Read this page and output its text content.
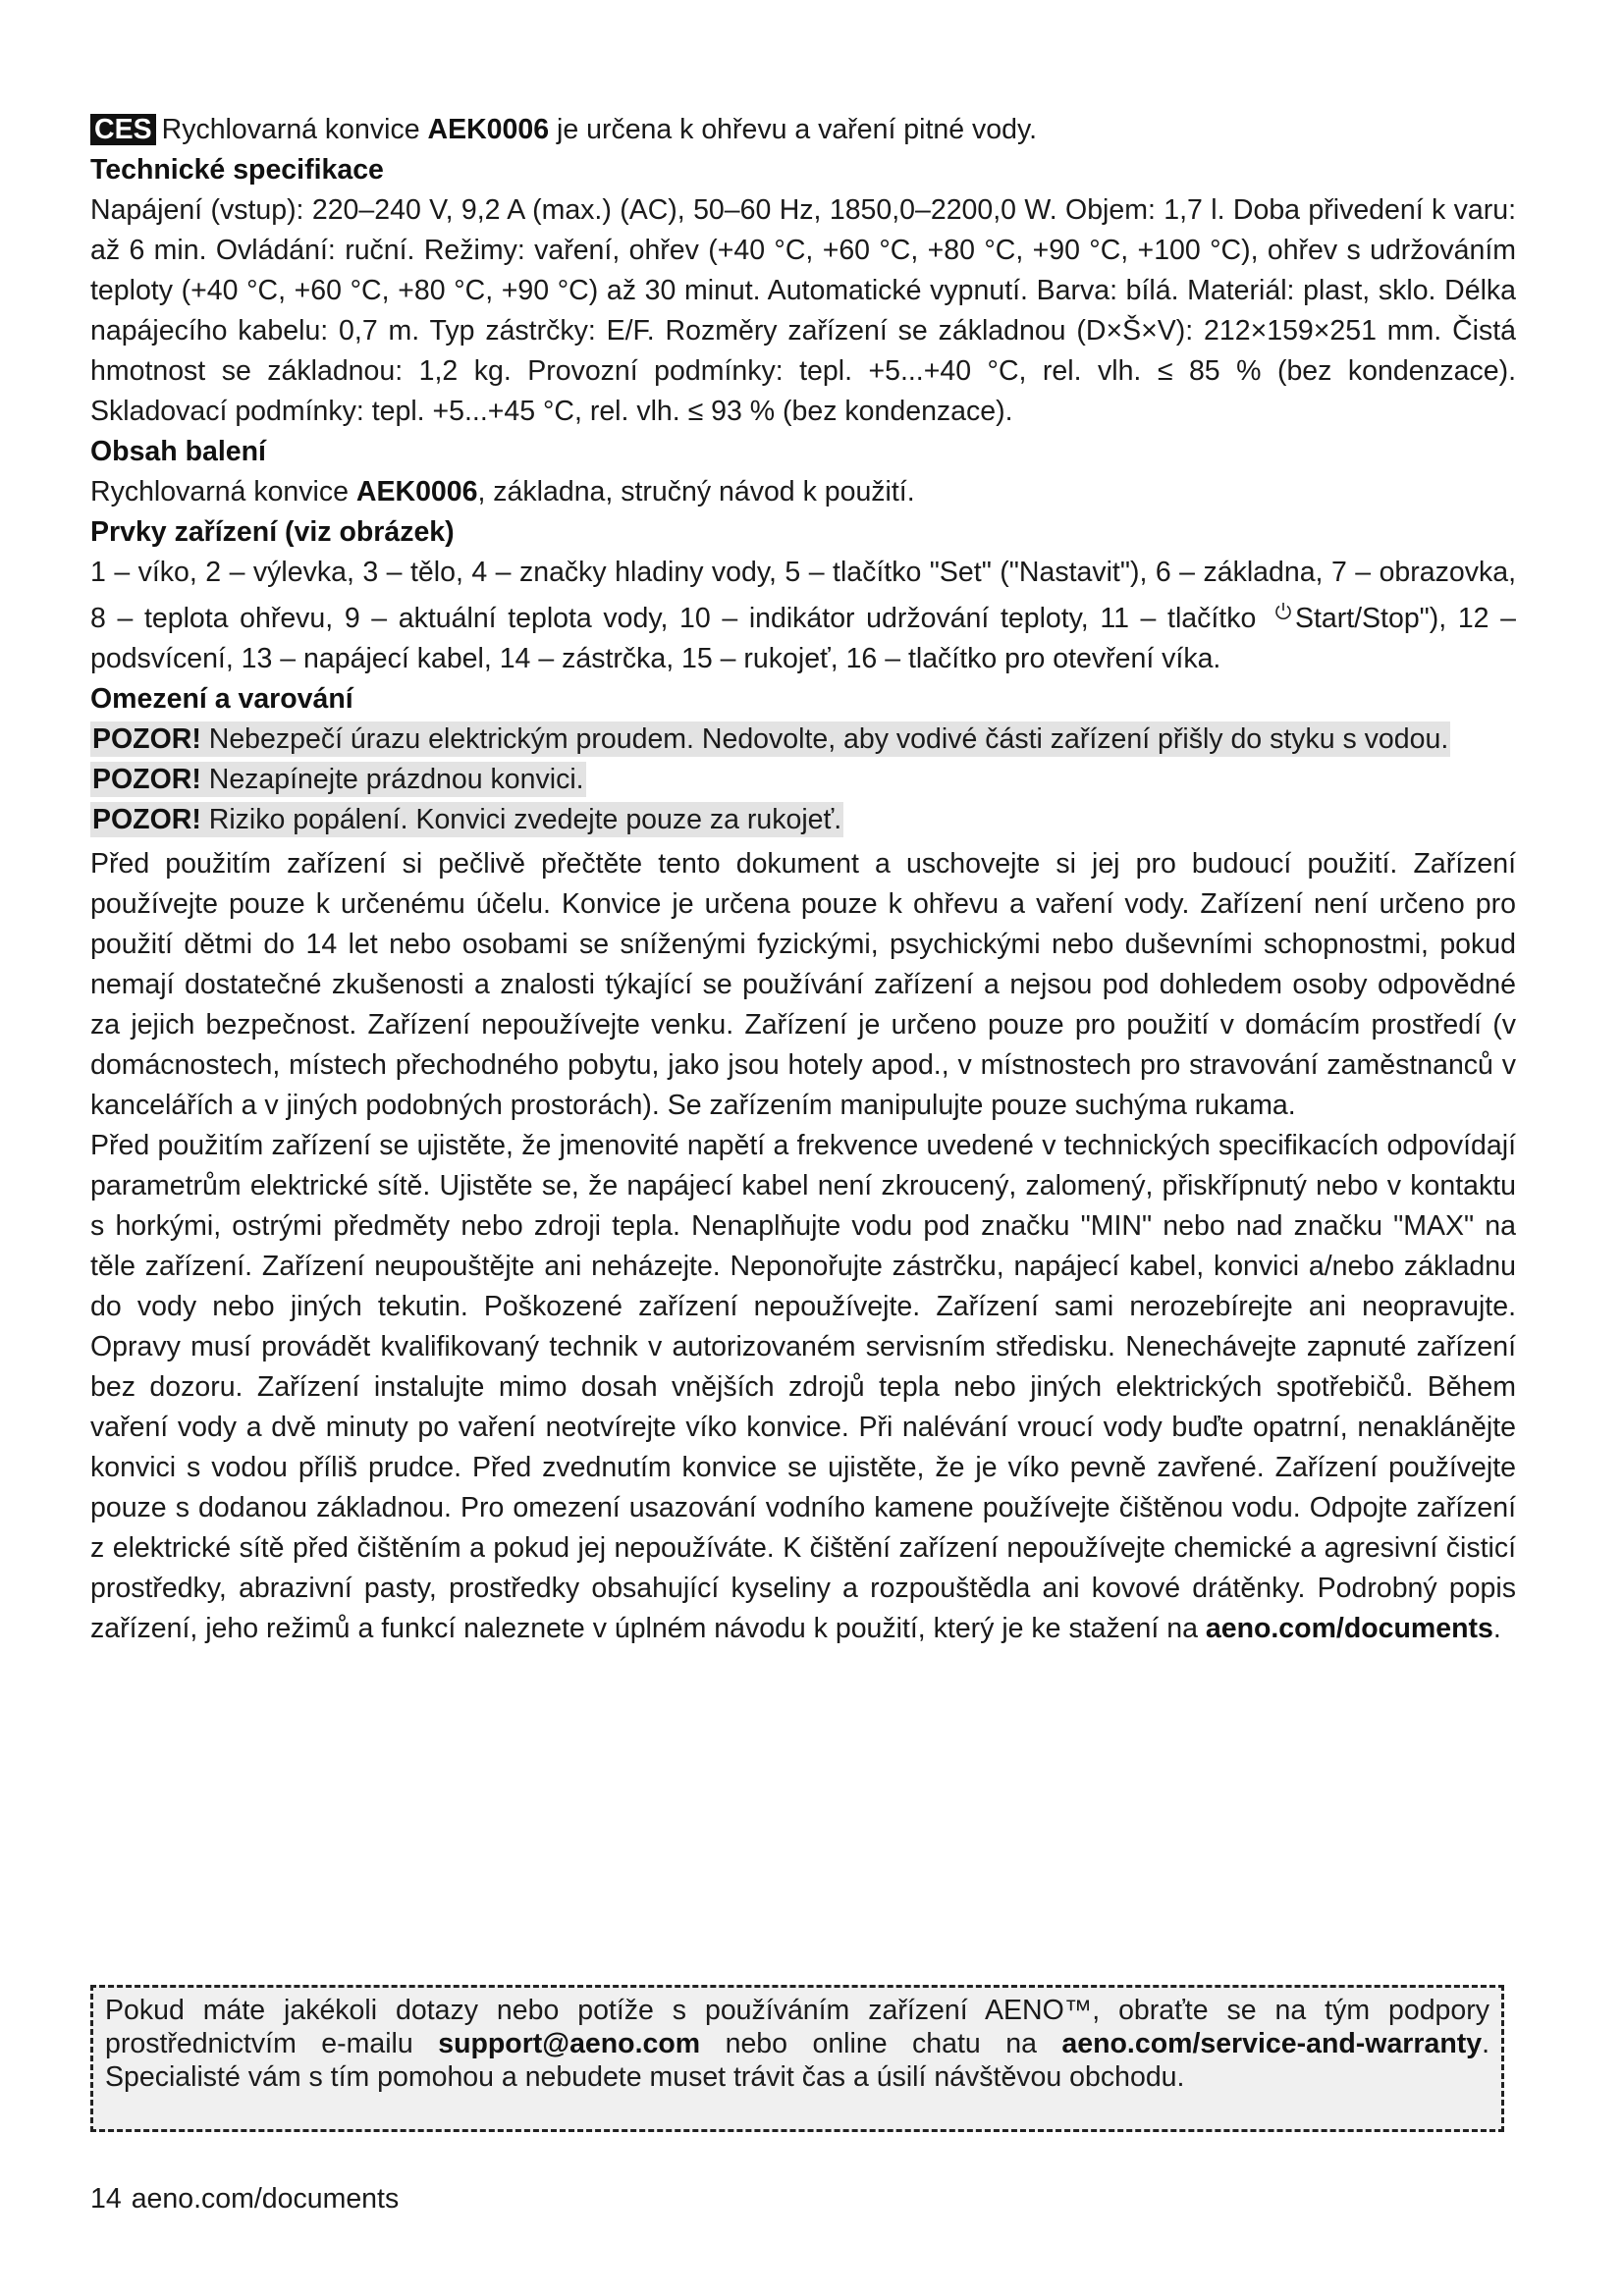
CES Rychlovarná konvice AEK0006 je určena k ohřevu a vaření pitné vody.

Technické specifikace

Napájení (vstup): 220–240 V, 9,2 A (max.) (AC), 50–60 Hz, 1850,0–2200,0 W. Objem: 1,7 l. Doba přivedení k varu: až 6 min. Ovládání: ruční. Režimy: vaření, ohřev (+40 °C, +60 °C, +80 °C, +90 °C, +100 °C), ohřev s udržováním teploty (+40 °C, +60 °C, +80 °C, +90 °C) až 30 minut. Automatické vypnutí. Barva: bílá. Materiál: plast, sklo. Délka napájecího kabelu: 0,7 m. Typ zástrčky: E/F. Rozměry zařízení se základnou (D×Š×V): 212×159×251 mm. Čistá hmotnost se základnou: 1,2 kg. Provozní podmínky: tepl. +5...+40 °C, rel. vlh. ≤ 85 % (bez kondenzace). Skladovací podmínky: tepl. +5...+45 °C, rel. vlh. ≤ 93 % (bez kondenzace).

Obsah balení

Rychlovarná konvice AEK0006, základna, stručný návod k použití.

Prvky zařízení (viz obrázek)

1 – víko, 2 – výlevka, 3 – tělo, 4 – značky hladiny vody, 5 – tlačítko "Set" ("Nastavit"), 6 – základna, 7 – obrazovka, 8 – teplota ohřevu, 9 – aktuální teplota vody, 10 – indikátor udržování teploty, 11 – tlačítko Start/Stop"), 12 – podsvícení, 13 – napájecí kabel, 14 – zástrčka, 15 – rukojeť, 16 – tlačítko pro otevření víka.

Omezení a varování

POZOR! Nebezpečí úrazu elektrickým proudem. Nedovolte, aby vodivé části zařízení přišly do styku s vodou.

POZOR! Nezapínejte prázdnou konvici.

POZOR! Riziko popálení. Konvici zvedejte pouze za rukojeť.

Před použitím zařízení si pečlivě přečtěte tento dokument a uschovejte si jej pro budoucí použití. Zařízení používejte pouze k určenému účelu. Konvice je určena pouze k ohřevu a vaření vody. Zařízení není určeno pro použití dětmi do 14 let nebo osobami se sníženými fyzickými, psychickými nebo duševními schopnostmi, pokud nemají dostatečné zkušenosti a znalosti týkající se používání zařízení a nejsou pod dohledem osoby odpovědné za jejich bezpečnost. Zařízení nepoužívejte venku. Zařízení je určeno pouze pro použití v domácím prostředí (v domácnostech, místech přechodného pobytu, jako jsou hotely apod., v místnostech pro stravování zaměstnanců v kancelářích a v jiných podobných prostorách). Se zařízením manipulujte pouze suchýma rukama.

Před použitím zařízení se ujistěte, že jmenovité napětí a frekvence uvedené v technických specifikacích odpovídají parametrům elektrické sítě. Ujistěte se, že napájecí kabel není zkroucený, zalomený, přiskřípnutý nebo v kontaktu s horkými, ostrými předměty nebo zdroji tepla. Nenaplňujte vodu pod značku "MIN" nebo nad značku "MAX" na těle zařízení. Zařízení neupouštějte ani neházejte. Neponořujte zástrčku, napájecí kabel, konvici a/nebo základnu do vody nebo jiných tekutin. Poškozené zařízení nepoužívejte. Zařízení sami nerozebírejte ani neopravujte. Opravy musí provádět kvalifikovaný technik v autorizovaném servisním středisku. Nenechávejte zapnuté zařízení bez dozoru. Zařízení instalujte mimo dosah vnějších zdrojů tepla nebo jiných elektrických spotřebičů. Během vaření vody a dvě minuty po vaření neotvírejte víko konvice. Při nalévání vroucí vody buďte opatrní, nenaklánějte konvici s vodou příliš prudce. Před zvednutím konvice se ujistěte, že je víko pevně zavřené. Zařízení používejte pouze s dodanou základnou. Pro omezení usazování vodního kamene používejte čištěnou vodu. Odpojte zařízení z elektrické sítě před čištěním a pokud jej nepoužíváte. K čištění zařízení nepoužívejte chemické a agresivní čisticí prostředky, abrazivní pasty, prostředky obsahující kyseliny a rozpouštědla ani kovové drátěnky. Podrobný popis zařízení, jeho režimů a funkcí naleznete v úplném návodu k použití, který je ke stažení na aeno.com/documents.

Pokud máte jakékoli dotazy nebo potíže s používáním zařízení AENO™, obraťte se na tým podpory prostřednictvím e-mailu support@aeno.com nebo online chatu na aeno.com/service-and-warranty. Specialisté vám s tím pomohou a nebudete muset trávit čas a úsilí návštěvou obchodu.
14 aeno.com/documents
